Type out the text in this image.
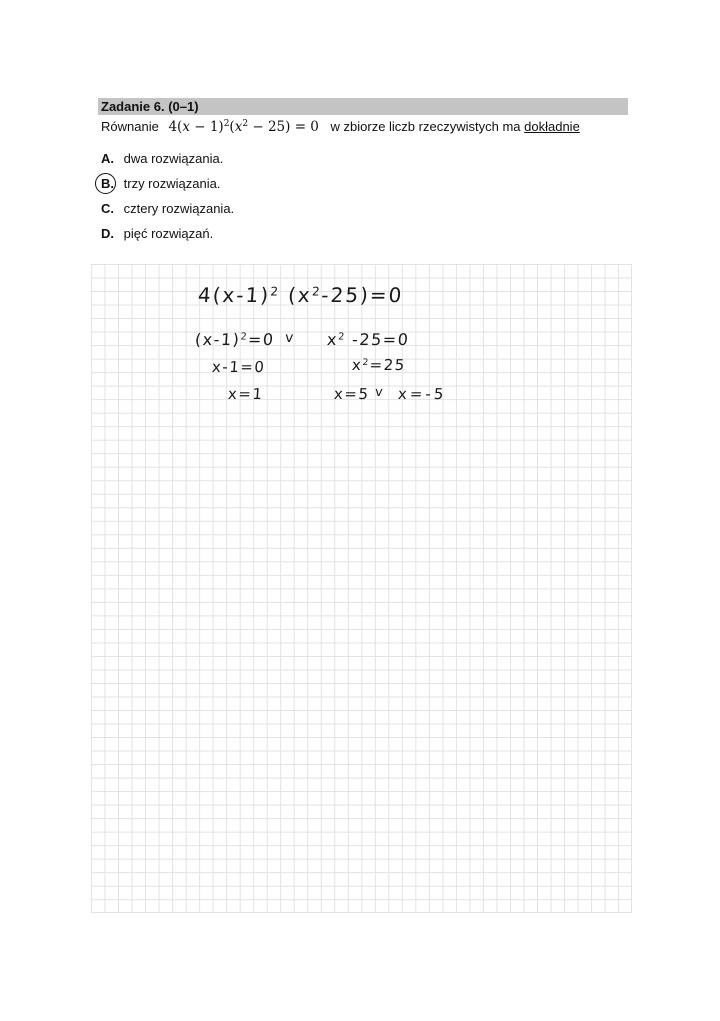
Zadanie 6. (0–1)
Równanie $4(x - 1)^2(x^2 - 25) = 0$ w zbiorze liczb rzeczywistych ma dokładnie
A. dwa rozwiązania.
B. trzy rozwiązania.
C. cztery rozwiązania.
D. pięć rozwiązań.
$4(x-1)^2$ $(x^2-25)=0$
$(x-1)^2=0$ v $x^2$ -25=0
x-1=0	$x^2=25$
x=1	x=5 v x=-5
